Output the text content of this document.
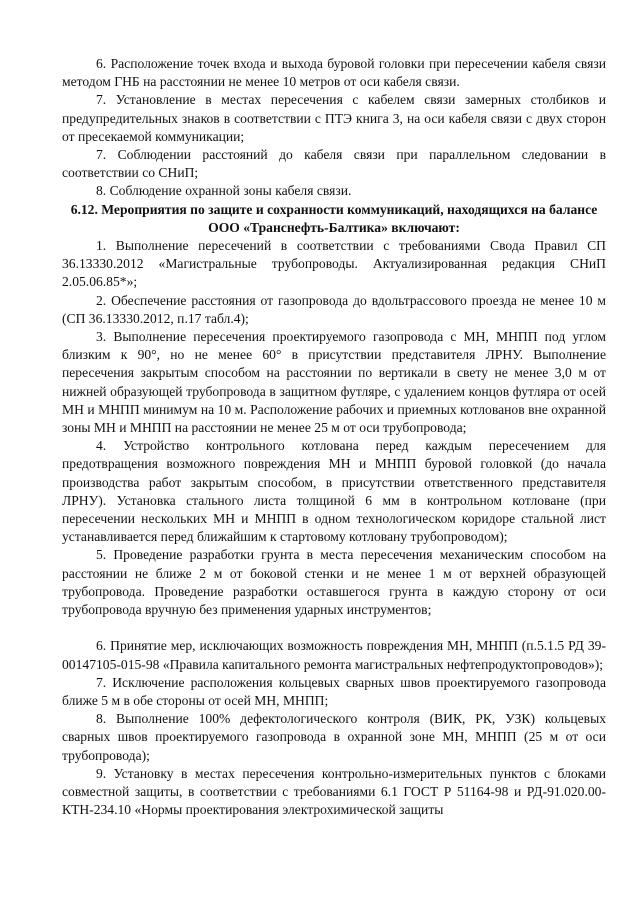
6. Расположение точек входа и выхода буровой головки при пересечении кабеля связи методом ГНБ на расстоянии не менее 10 метров от оси кабеля связи.

7. Установление в местах пересечения с кабелем связи замерных столбиков и предупредительных знаков в соответствии с ПТЭ книга 3, на оси кабеля связи с двух сторон от пресекаемой коммуникации;

7. Соблюдении расстояний до кабеля связи при параллельном следовании в соответствии со СНиП;

8. Соблюдение охранной зоны кабеля связи.

6.12. Мероприятия по защите и сохранности коммуникаций, находящихся на балансе ООО «Транснефть-Балтика» включают:

1. Выполнение пересечений в соответствии с требованиями Свода Правил СП 36.13330.2012 «Магистральные трубопроводы. Актуализированная редакция СНиП 2.05.06.85*»;

2. Обеспечение расстояния от газопровода до вдольтрассового проезда не менее 10 м (СП 36.13330.2012, п.17 табл.4);

3. Выполнение пересечения проектируемого газопровода с МН, МНПП под углом близким к 90°, но не менее 60° в присутствии представителя ЛРНУ. Выполнение пересечения закрытым способом на расстоянии по вертикали в свету не менее 3,0 м от нижней образующей трубопровода в защитном футляре, с удалением концов футляра от осей МН и МНПП минимум на 10 м. Расположение рабочих и приемных котлованов вне охранной зоны МН и МНПП на расстоянии не менее 25 м от оси трубопровода;

4. Устройство контрольного котлована перед каждым пересечением для предотвращения возможного повреждения МН и МНПП буровой головкой (до начала производства работ закрытым способом, в присутствии ответственного представителя ЛРНУ). Установка стального листа толщиной 6 мм в контрольном котловане (при пересечении нескольких МН и МНПП в одном технологическом коридоре стальной лист устанавливается перед ближайшим к стартовому котловану трубопроводом);

5. Проведение разработки грунта в места пересечения механическим способом на расстоянии не ближе 2 м от боковой стенки и не менее 1 м от верхней образующей трубопровода. Проведение разработки оставшегося грунта в каждую сторону от оси трубопровода вручную без применения ударных инструментов;

6. Принятие мер, исключающих возможность повреждения МН, МНПП (п.5.1.5 РД 39-00147105-015-98 «Правила капитального ремонта магистральных нефтепродуктопроводов»);

7. Исключение расположения кольцевых сварных швов проектируемого газопровода ближе 5 м в обе стороны от осей МН, МНПП;

8. Выполнение 100% дефектологического контроля (ВИК, РК, УЗК) кольцевых сварных швов проектируемого газопровода в охранной зоне МН, МНПП (25 м от оси трубопровода);

9. Установку в местах пересечения контрольно-измерительных пунктов с блоками совместной защиты, в соответствии с требованиями 6.1 ГОСТ Р 51164-98 и РД-91.020.00-КТН-234.10 «Нормы проектирования электрохимической защиты
